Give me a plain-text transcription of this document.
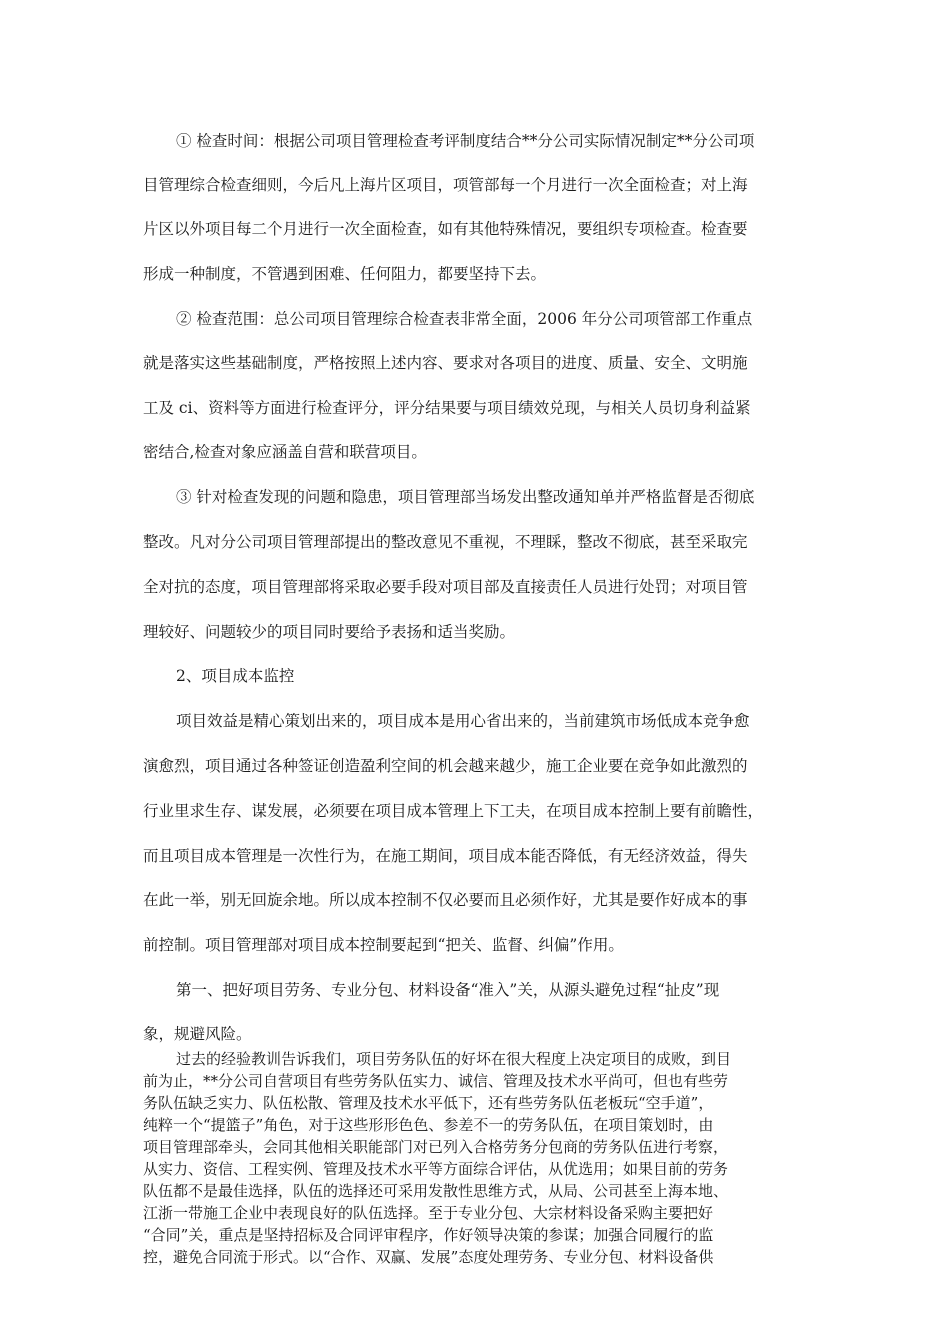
① 检查时间：根据公司项目管理检查考评制度结合**分公司实际情况制定**分公司项
目管理综合检查细则，今后凡上海片区项目，项管部每一个月进行一次全面检查；对上海
片区以外项目每二个月进行一次全面检查，如有其他特殊情况，要组织专项检查。检查要
形成一种制度，不管遇到困难、任何阻力，都要坚持下去。
② 检查范围：总公司项目管理综合检查表非常全面，2006 年分公司项管部工作重点
就是落实这些基础制度，严格按照上述内容、要求对各项目的进度、质量、安全、文明施
工及 ci、资料等方面进行检查评分，评分结果要与项目绩效兑现，与相关人员切身利益紧
密结合,检查对象应涵盖自营和联营项目。
③ 针对检查发现的问题和隐患，项目管理部当场发出整改通知单并严格监督是否彻底
整改。凡对分公司项目管理部提出的整改意见不重视，不理睬，整改不彻底，甚至采取完
全对抗的态度，项目管理部将采取必要手段对项目部及直接责任人员进行处罚；对项目管
理较好、问题较少的项目同时要给予表扬和适当奖励。
2、项目成本监控
项目效益是精心策划出来的，项目成本是用心省出来的，当前建筑市场低成本竞争愈
演愈烈，项目通过各种签证创造盈利空间的机会越来越少，施工企业要在竞争如此激烈的
行业里求生存、谋发展，必须要在项目成本管理上下工夫，在项目成本控制上要有前瞻性，
而且项目成本管理是一次性行为，在施工期间，项目成本能否降低，有无经济效益，得失
在此一举，别无回旋余地。所以成本控制不仅必要而且必须作好，尤其是要作好成本的事
前控制。项目管理部对项目成本控制要起到“把关、监督、纠偏”作用。
第一、把好项目劳务、专业分包、材料设备“准入”关，从源头避免过程“扯皮”现
象，规避风险。
过去的经验教训告诉我们，项目劳务队伍的好坏在很大程度上决定项目的成败，到目
前为止，**分公司自营项目有些劳务队伍实力、诚信、管理及技术水平尚可，但也有些劳
务队伍缺乏实力、队伍松散、管理及技术水平低下，还有些劳务队伍老板玩“空手道”，
纯粹一个“提篮子”角色，对于这些形形色色、参差不一的劳务队伍，在项目策划时，由
项目管理部牵头，会同其他相关职能部门对已列入合格劳务分包商的劳务队伍进行考察，
从实力、资信、工程实例、管理及技术水平等方面综合评估，从优选用；如果目前的劳务
队伍都不是最佳选择，队伍的选择还可采用发散性思维方式，从局、公司甚至上海本地、
江浙一带施工企业中表现良好的队伍选择。至于专业分包、大宗材料设备采购主要把好
“合同”关，重点是坚持招标及合同评审程序，作好领导决策的参谋；加强合同履行的监
控，避免合同流于形式。以“合作、双赢、发展”态度处理劳务、专业分包、材料设备供
